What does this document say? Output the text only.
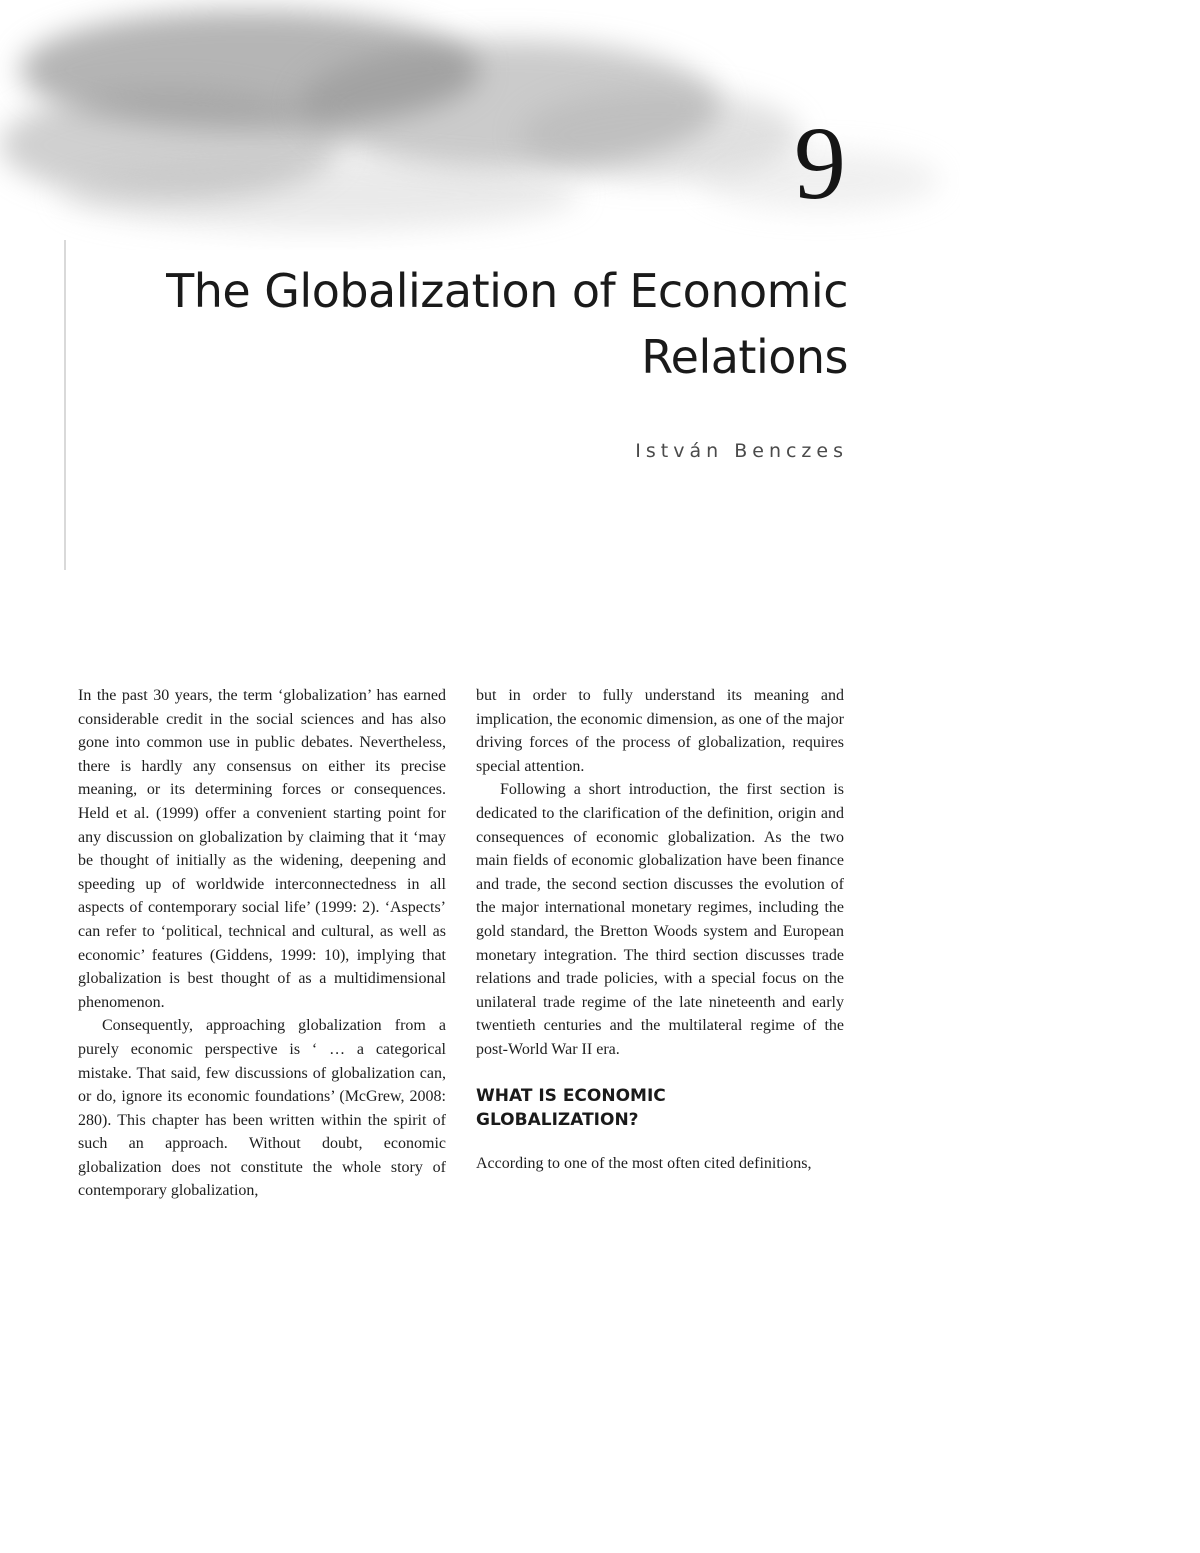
9
The Globalization of Economic
Relations
István Benczes

In the past 30 years, the term ‘globalization’ has earned considerable credit in the social sciences and has also gone into common use in public debates. Nevertheless, there is hardly any consensus on either its precise meaning, or its determining forces or consequences. Held et al. (1999) offer a convenient starting point for any discussion on globalization by claiming that it ‘may be thought of initially as the widening, deepening and speeding up of worldwide interconnectedness in all aspects of contemporary social life’ (1999: 2). ‘Aspects’ can refer to ‘political, technical and cultural, as well as economic’ features (Giddens, 1999: 10), implying that globalization is best thought of as a multidimensional phenomenon.

Consequently, approaching globalization from a purely economic perspective is ‘ … a categorical mistake. That said, few discussions of globalization can, or do, ignore its economic foundations’ (McGrew, 2008: 280). This chapter has been written within the spirit of such an approach. Without doubt, economic globalization does not constitute the whole story of contemporary globalization,

but in order to fully understand its meaning and implication, the economic dimension, as one of the major driving forces of the process of globalization, requires special attention.

Following a short introduction, the first section is dedicated to the clarification of the definition, origin and consequences of economic globalization. As the two main fields of economic globalization have been finance and trade, the second section discusses the evolution of the major international monetary regimes, including the gold standard, the Bretton Woods system and European monetary integration. The third section discusses trade relations and trade policies, with a special focus on the unilateral trade regime of the late nineteenth and early twentieth centuries and the multilateral regime of the post-World War II era.

WHAT IS ECONOMIC
GLOBALIZATION?

According to one of the most often cited definitions,
